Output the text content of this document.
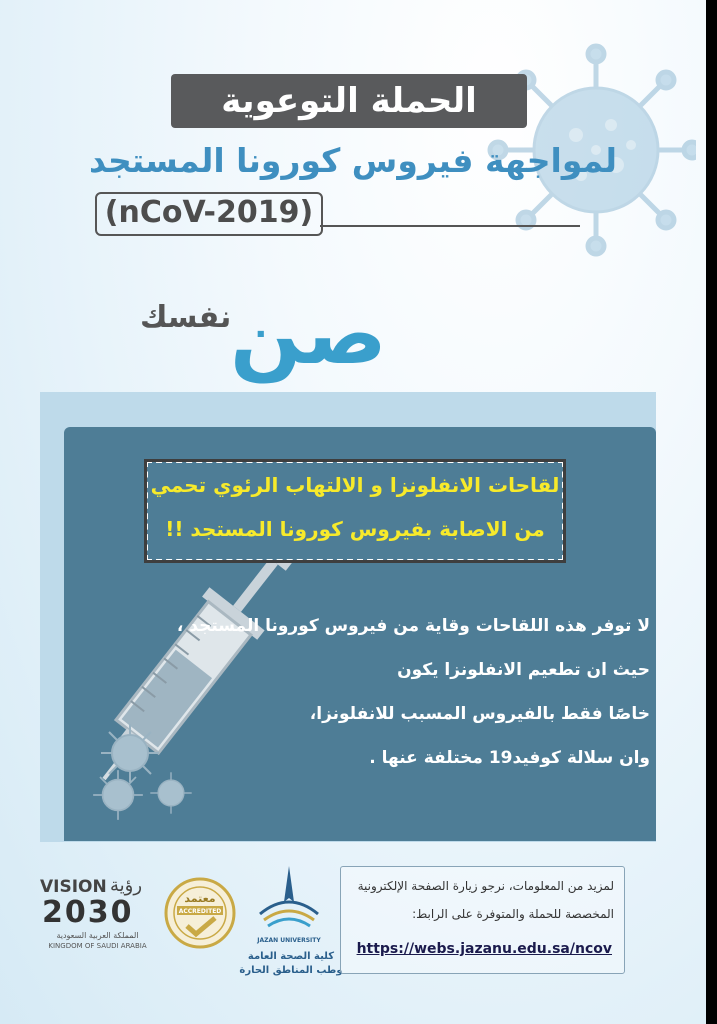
الحملة التوعوية
لمواجهة فيروس كورونا المستجد
(nCoV-2019)
نفسك
صن
لقاحات الانفلونزا و الالتهاب الرئوي تحمي
من الاصابة بفيروس كورونا المستجد !!
لا توفر هذه اللقاحات وقاية من فيروس كورونا المستجد ،
حيث ان تطعيم الانفلونزا يكون
خاصًا فقط بالفيروس المسبب للانفلونزا،
وان سلالة كوفيد19 مختلفة عنها .
VISION رؤية
2030
المملكة العربية السعودية
KINGDOM OF SAUDI ARABIA
معتمد
ACCREDITED
JAZAN UNIVERSITY
كلية الصحة العامة
وطب المناطق الحارة
لمزيد من المعلومات، نرجو زيارة الصفحة الإلكترونية
المخصصة للحملة والمتوفرة على الرابط:
https://webs.jazanu.edu.sa/ncov
